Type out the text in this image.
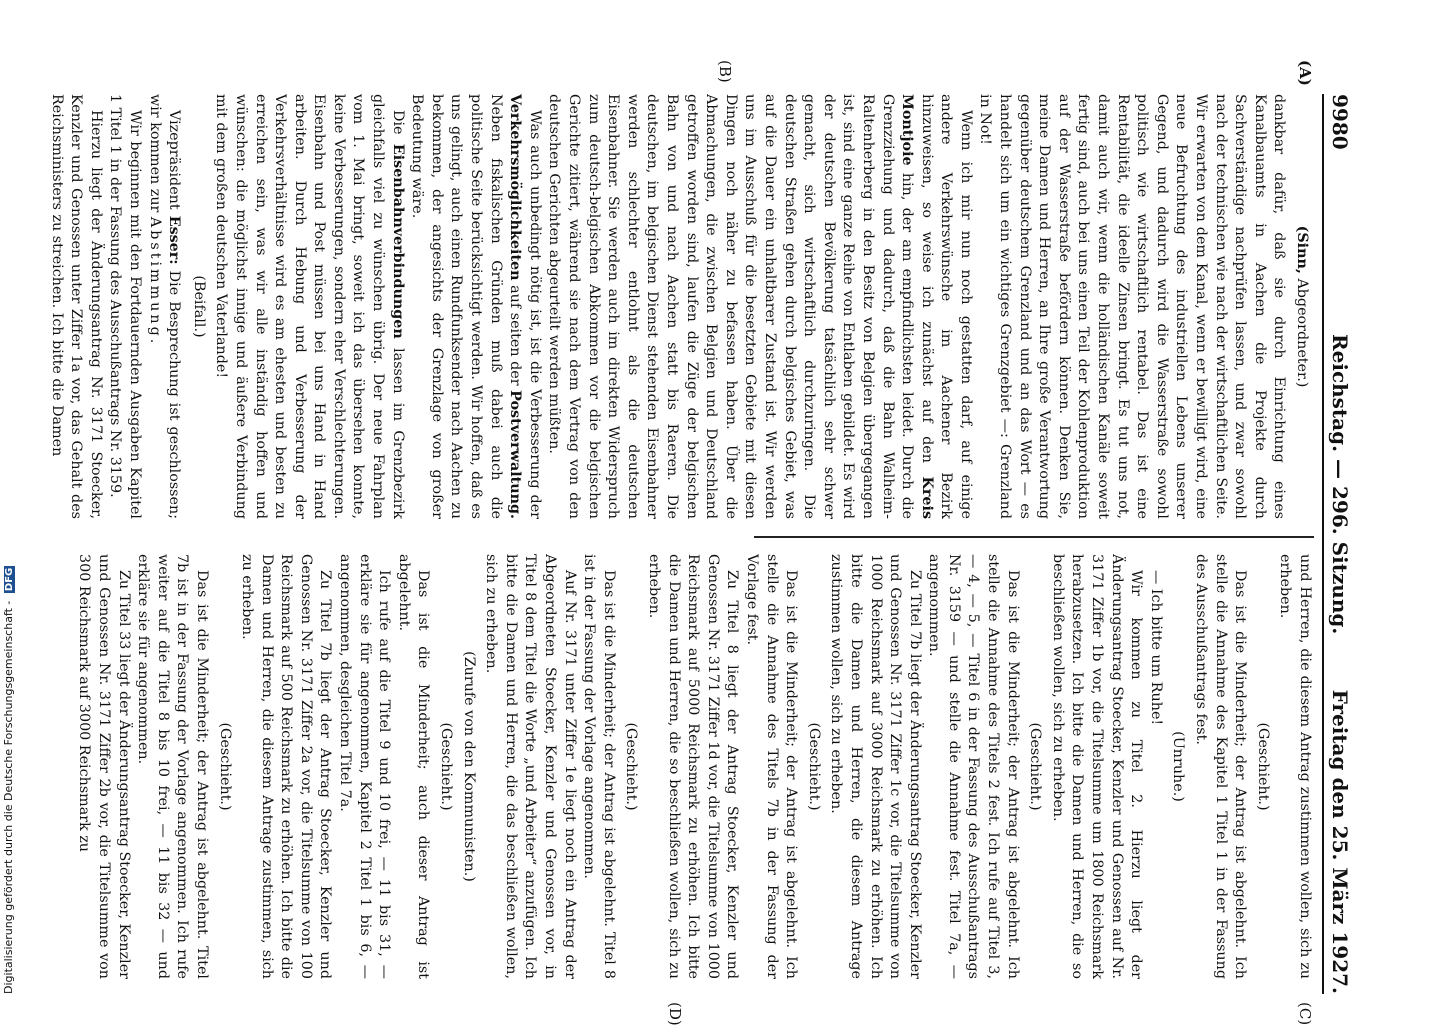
9980
Reichstag. — 296. Sitzung.
Freitag den 25. März 1927.
(A)
(B)
(C)
(D)

(Sinn, Abgeordneter.)

dankbar dafür, daß sie durch Einrichtung eines Kanalbauamts in Aachen die Projekte durch Sachverständige nachprüfen lassen, und zwar sowohl nach der technischen wie nach der wirtschaftlichen Seite. Wir erwarten von dem Kanal, wenn er bewilligt wird, eine neue Befruchtung des industriellen Lebens unserer Gegend, und dadurch wird die Wasserstraße sowohl politisch wie wirtschaftlich rentabel. Das ist eine Rentabilität, die ideelle Zinsen bringt. Es tut uns not, damit auch wir, wenn die holländischen Kanäle soweit fertig sind, auch bei uns einen Teil der Kohlenproduktion auf der Wasserstraße befördern können. Denken Sie, meine Damen und Herren, an Ihre große Verantwortung gegenüber deutschem Grenzland und an das Wort — es handelt sich um ein wichtiges Grenzgebiet —: Grenzland in Not!

Wenn ich mir nun noch gestatten darf, auf einige andere Verkehrswünsche im Aachener Bezirk hinzuweisen, so weise ich zunächst auf den Kreis Montjoie hin, der am empfindlichsten leidet. Durch die Grenzziehung und dadurch, daß die Bahn Walheim-Raltenherberg in den Besitz von Belgien übergegangen ist, sind eine ganze Reihe von Entlaben gebildet. Es wird der deutschen Bevölkerung tatsächlich sehr schwer gemacht, sich wirtschaftlich durchzuringen. Die deutschen Straßen gehen durch belgisches Gebiet, was auf die Dauer ein unhaltbarer Zustand ist. Wir werden uns im Ausschuß für die besetzten Gebiete mit diesen Dingen noch näher zu befassen haben. Über die Abmachungen, die zwischen Belgien und Deutschland getroffen worden sind, laufen die Züge der belgischen Bahn von und nach Aachen statt bis Raeren. Die deutschen, im belgischen Dienst stehenden Eisenbahner werden schlechter entlohnt als die deutschen Eisenbahner. Sie werden auch im direkten Widerspruch zum deutsch-belgischen Abkommen vor die belgischen Gerichte zitiert, während sie nach dem Vertrag von den deutschen Gerichten abgeurteilt werden müßten.

Was auch unbedingt nötig ist, ist die Verbesserung der Verkehrsmöglichkeiten auf seiten der Postverwaltung. Neben fiskalischen Gründen muß dabei auch die politische Seite berücksichtigt werden. Wir hoffen, daß es uns gelingt, auch einen Rundfunksender nach Aachen zu bekommen, der angesichts der Grenzlage von großer Bedeutung wäre.

Die Eisenbahnverbindungen lassen im Grenzbezirk gleichfalls viel zu wünschen übrig. Der neue Fahrplan vom 1. Mai bringt, soweit ich das übersehen konnte, keine Verbesserungen, sondern eher Verschlechterungen. Eisenbahn und Post müssen bei uns Hand in Hand arbeiten. Durch Hebung und Verbesserung der Verkehrsverhältnisse wird es am ehesten und besten zu erreichen sein, was wir alle inständig hoffen und wünschen: die möglichst innige und äußere Verbindung mit dem großen deutschen Vaterlande!

(Beifall.)

Vizepräsident Esser: Die Besprechung ist geschlossen; wir kommen zur Abstimmung.

Wir beginnen mit den Fortdauernden Ausgaben Kapitel 1 Titel 1 in der Fassung des Ausschußantrags Nr. 3159.

Hierzu liegt der Änderungsantrag Nr. 3171 Stoecker, Kenzler und Genossen unter Ziffer 1a vor, das Gehalt des Reichsministers zu streichen. Ich bitte die Damen

und Herren, die diesem Antrag zustimmen wollen, sich zu erheben.

(Geschieht.)

Das ist die Minderheit; der Antrag ist abgelehnt. Ich stelle die Annahme des Kapitel 1 Titel 1 in der Fassung des Ausschußantrags fest.

(Unruhe.)

— Ich bitte um Ruhe!

Wir kommen zu Titel 2. Hierzu liegt der Änderungsantrag Stoecker, Kenzler und Genossen auf Nr. 3171 Ziffer 1b vor, die Titelsumme um 1800 Reichsmark herabzusetzen. Ich bitte die Damen und Herren, die so beschließen wollen, sich zu erheben.

(Geschieht.)

Das ist die Minderheit; der Antrag ist abgelehnt. Ich stelle die Annahme des Titels 2 fest. Ich rufe auf Titel 3, — 4, — 5, — Titel 6 in der Fassung des Ausschußantrags Nr. 3159 — und stelle die Annahme fest. Titel 7a, — angenommen.

Zu Titel 7b liegt der Änderungsantrag Stoecker, Kenzler und Genossen Nr. 3171 Ziffer 1c vor, die Titelsumme von 1000 Reichsmark auf 3000 Reichsmark zu erhöhen. Ich bitte die Damen und Herren, die diesem Antrage zustimmen wollen, sich zu erheben.

(Geschieht.)

Das ist die Minderheit; der Antrag ist abgelehnt. Ich stelle die Annahme des Titels 7b in der Fassung der Vorlage fest.

Zu Titel 8 liegt der Antrag Stoecker, Kenzler und Genossen Nr. 3171 Ziffer 1d vor, die Titelsumme von 1000 Reichsmark auf 5000 Reichsmark zu erhöhen. Ich bitte die Damen und Herren, die so beschließen wollen, sich zu erheben.

(Geschieht.)

Das ist die Minderheit; der Antrag ist abgelehnt. Titel 8 ist in der Fassung der Vorlage angenommen.

Auf Nr. 3171 unter Ziffer 1e liegt noch ein Antrag der Abgeordneten Stoecker, Kenzler und Genossen vor, in Titel 8 dem Titel die Worte „und Arbeiter“ anzufügen. Ich bitte die Damen und Herren, die das beschließen wollen, sich zu erheben.

(Zurufe von den Kommunisten.)

(Geschieht.)

Das ist die Minderheit; auch dieser Antrag ist abgelehnt.

Ich rufe auf die Titel 9 und 10 frei, — 11 bis 31, — erkläre sie für angenommen, Kapitel 2 Titel 1 bis 6, — angenommen, desgleichen Titel 7a.

Zu Titel 7b liegt der Antrag Stoecker, Kenzler und Genossen Nr. 3171 Ziffer 2a vor, die Titelsumme von 100 Reichsmark auf 500 Reichsmark zu erhöhen. Ich bitte die Damen und Herren, die diesem Antrage zustimmen, sich zu erheben.

(Geschieht.)

Das ist die Minderheit; der Antrag ist abgelehnt. Titel 7b ist in der Fassung der Vorlage angenommen. Ich rufe weiter auf die Titel 8 bis 10 frei, — 11 bis 32 — und erkläre sie für angenommen.

Zu Titel 33 liegt der Änderungsantrag Stoecker, Kenzler und Genossen Nr. 3171 Ziffer 2b vor, die Titelsumme von 300 Reichsmark auf 3000 Reichsmark zu

Digitalisierung gefördert durch die Deutsche Forschungsgemeinschaft - DFG
